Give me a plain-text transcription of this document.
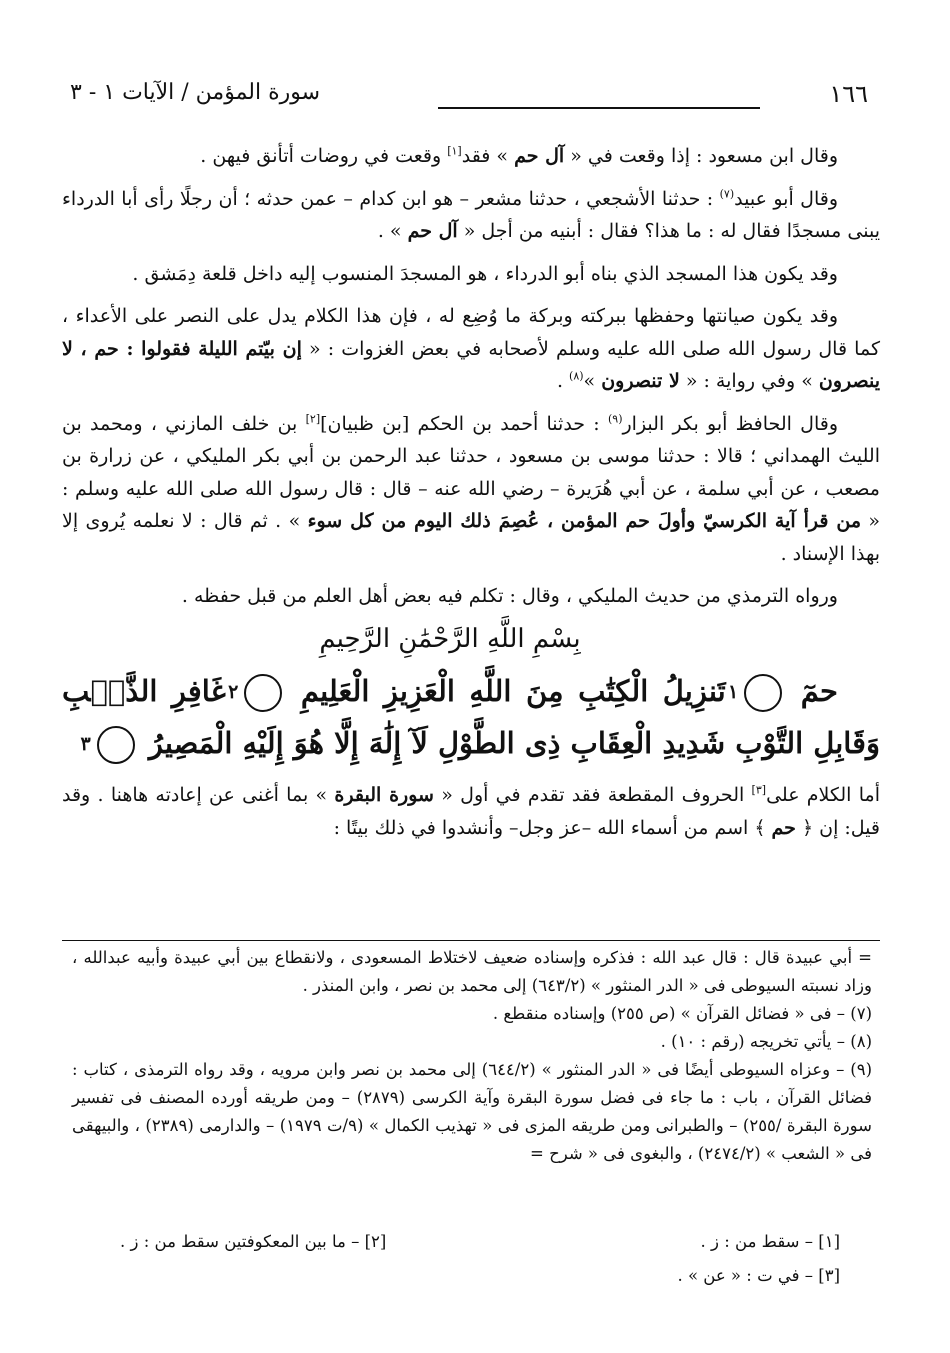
١٦٦
سورة المؤمن / الآيات ١ - ٣

وقال ابن مسعود : إذا وقعت في « آل حم » فقد[١] وقعت في روضات أتأنق فيهن .

وقال أبو عبيد$^{(٧)}$ : حدثنا الأشجعي ، حدثنا مشعر – هو ابن كدام – عمن حدثه ؛ أن رجلًا رأى أبا الدرداء يبنى مسجدًا فقال له : ما هذا؟ فقال : أبنيه من أجل « آل حم » .

وقد يكون هذا المسجد الذي بناه أبو الدرداء ، هو المسجدَ المنسوب إليه داخل قلعة دِمَشق .

وقد يكون صيانتها وحفظها ببركته وبركة ما وُضِع له ، فإن هذا الكلام يدل على النصر على الأعداء ، كما قال رسول الله صلى الله عليه وسلم لأصحابه في بعض الغزوات : « إن بيّتم الليلة فقولوا : حم ، لا ينصرون » وفي رواية : « لا تنصرون »$^{(٨)}$ .

وقال الحافظ أبو بكر البزار$^{(٩)}$ : حدثنا أحمد بن الحكم [بن ظبيان][٢] بن خلف المازني ، ومحمد بن الليث الهمداني ؛ قالا : حدثنا موسى بن مسعود ، حدثنا عبد الرحمن بن أبي بكر المليكي ، عن زرارة بن مصعب ، عن أبي سلمة ، عن أبي هُرَيرة – رضي الله عنه – قال : قال رسول الله صلى الله عليه وسلم : « من قرأ آية الكرسيّ وأولَ حم المؤمن ، عُصِمَ ذلك اليوم من كل سوء » . ثم قال : لا نعلمه يُروى إلا بهذا الإسناد .

ورواه الترمذي من حديث المليكي ، وقال : تكلم فيه بعض أهل العلم من قبل حفظه .

بِسْمِ اللَّهِ الرَّحْمَٰنِ الرَّحِيمِ

حمٓ ١ تَنزِيلُ الْكِتَٰبِ مِنَ اللَّهِ الْعَزِيزِ الْعَلِيمِ ٢ غَافِرِ الذَّنۢبِ وَقَابِلِ التَّوْبِ شَدِيدِ الْعِقَابِ ذِى الطَّوْلِ لَآ إِلَٰهَ إِلَّا هُوَ إِلَيْهِ الْمَصِيرُ ٣

أما الكلام على[٣] الحروف المقطعة فقد تقدم في أول « سورة البقرة » بما أغنى عن إعادته هاهنا . وقد قيل: إن ﴿ حم ﴾ اسم من أسماء الله –عز وجل– وأنشدوا في ذلك بيتًا :

= أبي عبيدة قال : قال عبد الله : فذكره وإسناده ضعيف لاختلاط المسعودى ، ولانقطاع بين أبي عبيدة وأبيه عبدالله ، وزاد نسبته السيوطى فى « الدر المنثور » (٦٤٣/٢) إلى محمد بن نصر ، وابن المنذر .

(٧) – فى « فضائل القرآن » (ص ٢٥٥) وإسناده منقطع .

(٨) – يأتي تخريجه (رقم : ١٠) .

(٩) – وعزاه السيوطى أيضًا فى « الدر المنثور » (٦٤٤/٢) إلى محمد بن نصر وابن مرويه ، وقد رواه الترمذى ، كتاب : فضائل القرآن ، باب : ما جاء فى فضل سورة البقرة وآية الكرسى (٢٨٧٩) – ومن طريقه أورده المصنف فى تفسير سورة البقرة /٢٥٥) – والطبرانى ومن طريقه المزى فى « تهذيب الكمال » (٩/ت ١٩٧٩) – والدارمى (٢٣٨٩) ، والبيهقى فى « الشعب » (٢٤٧٤/٢) ، والبغوى فى « شرح =

[١] – سقط من : ز .
[٢] – ما بين المعكوفتين سقط من : ز .
[٣] – في ت : « عن » .
